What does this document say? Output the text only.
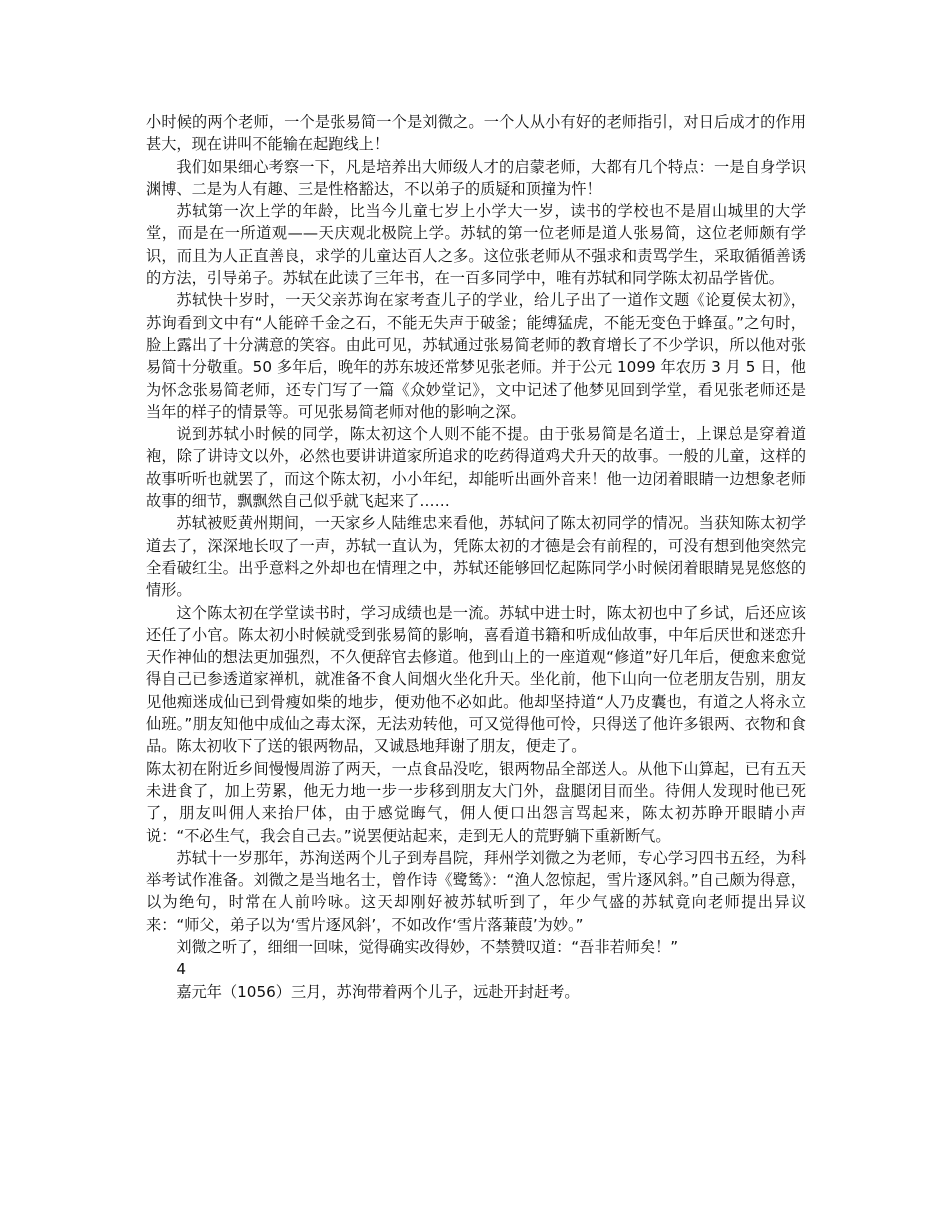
小时候的两个老师，一个是张易简一个是刘微之。一个人从小有好的老师指引，对日后成才的作用甚大，现在讲叫不能输在起跑线上！

我们如果细心考察一下，凡是培养出大师级人才的启蒙老师，大都有几个特点：一是自身学识渊博、二是为人有趣、三是性格豁达，不以弟子的质疑和顶撞为忤！

苏轼第一次上学的年龄，比当今儿童七岁上小学大一岁，读书的学校也不是眉山城里的大学堂，而是在一所道观——天庆观北极院上学。苏轼的第一位老师是道人张易简，这位老师颇有学识，而且为人正直善良，求学的儿童达百人之多。这位张老师从不强求和责骂学生，采取循循善诱的方法，引导弟子。苏轼在此读了三年书，在一百多同学中，唯有苏轼和同学陈太初品学皆优。

苏轼快十岁时，一天父亲苏询在家考查儿子的学业，给儿子出了一道作文题《论夏侯太初》，苏询看到文中有“人能碎千金之石，不能无失声于破釜；能缚猛虎，不能无变色于蜂虿。”之句时，脸上露出了十分满意的笑容。由此可见，苏轼通过张易简老师的教育增长了不少学识，所以他对张易简十分敬重。50 多年后，晚年的苏东坡还常梦见张老师。并于公元 1099 年农历 3 月 5 日，他为怀念张易简老师，还专门写了一篇《众妙堂记》，文中记述了他梦见回到学堂，看见张老师还是当年的样子的情景等。可见张易简老师对他的影响之深。

说到苏轼小时候的同学，陈太初这个人则不能不提。由于张易简是名道士，上课总是穿着道袍，除了讲诗文以外，必然也要讲讲道家所追求的吃药得道鸡犬升天的故事。一般的儿童，这样的故事听听也就罢了，而这个陈太初，小小年纪，却能听出画外音来！他一边闭着眼睛一边想象老师故事的细节，飘飘然自己似乎就飞起来了……

苏轼被贬黄州期间，一天家乡人陆维忠来看他，苏轼问了陈太初同学的情况。当获知陈太初学道去了，深深地长叹了一声，苏轼一直认为，凭陈太初的才德是会有前程的，可没有想到他突然完全看破红尘。出乎意料之外却也在情理之中，苏轼还能够回忆起陈同学小时候闭着眼睛晃晃悠悠的情形。

这个陈太初在学堂读书时，学习成绩也是一流。苏轼中进士时，陈太初也中了乡试，后还应该还任了小官。陈太初小时候就受到张易简的影响，喜看道书籍和听成仙故事，中年后厌世和迷恋升天作神仙的想法更加强烈，不久便辞官去修道。他到山上的一座道观“修道”好几年后，便愈来愈觉得自己已参透道家禅机，就准备不食人间烟火坐化升天。坐化前，他下山向一位老朋友告别，朋友见他痴迷成仙已到骨瘦如柴的地步，便劝他不必如此。他却坚持道“人乃皮囊也，有道之人将永立仙班。”朋友知他中成仙之毒太深，无法劝转他，可又觉得他可怜，只得送了他许多银两、衣物和食品。陈太初收下了送的银两物品，又诚恳地拜谢了朋友，便走了。

陈太初在附近乡间慢慢周游了两天，一点食品没吃，银两物品全部送人。从他下山算起，已有五天未进食了，加上劳累，他无力地一步一步移到朋友大门外，盘腿闭目而坐。待佣人发现时他已死了，朋友叫佣人来抬尸体，由于感觉晦气，佣人便口出怨言骂起来，陈太初苏睁开眼睛小声说：“不必生气，我会自己去。”说罢便站起来，走到无人的荒野躺下重新断气。

苏轼十一岁那年，苏洵送两个儿子到寿昌院，拜州学刘微之为老师，专心学习四书五经，为科举考试作准备。刘微之是当地名士，曾作诗《鹭鸶》：“渔人忽惊起，雪片逐风斜。”自己颇为得意，以为绝句，时常在人前吟咏。这天却刚好被苏轼听到了，年少气盛的苏轼竟向老师提出异议来：“师父，弟子以为‘雪片逐风斜’，不如改作‘雪片落蒹葭’为妙。”

刘微之听了，细细一回味，觉得确实改得妙，不禁赞叹道：“吾非若师矣！”

4

嘉元年（1056）三月，苏洵带着两个儿子，远赴开封赶考。
